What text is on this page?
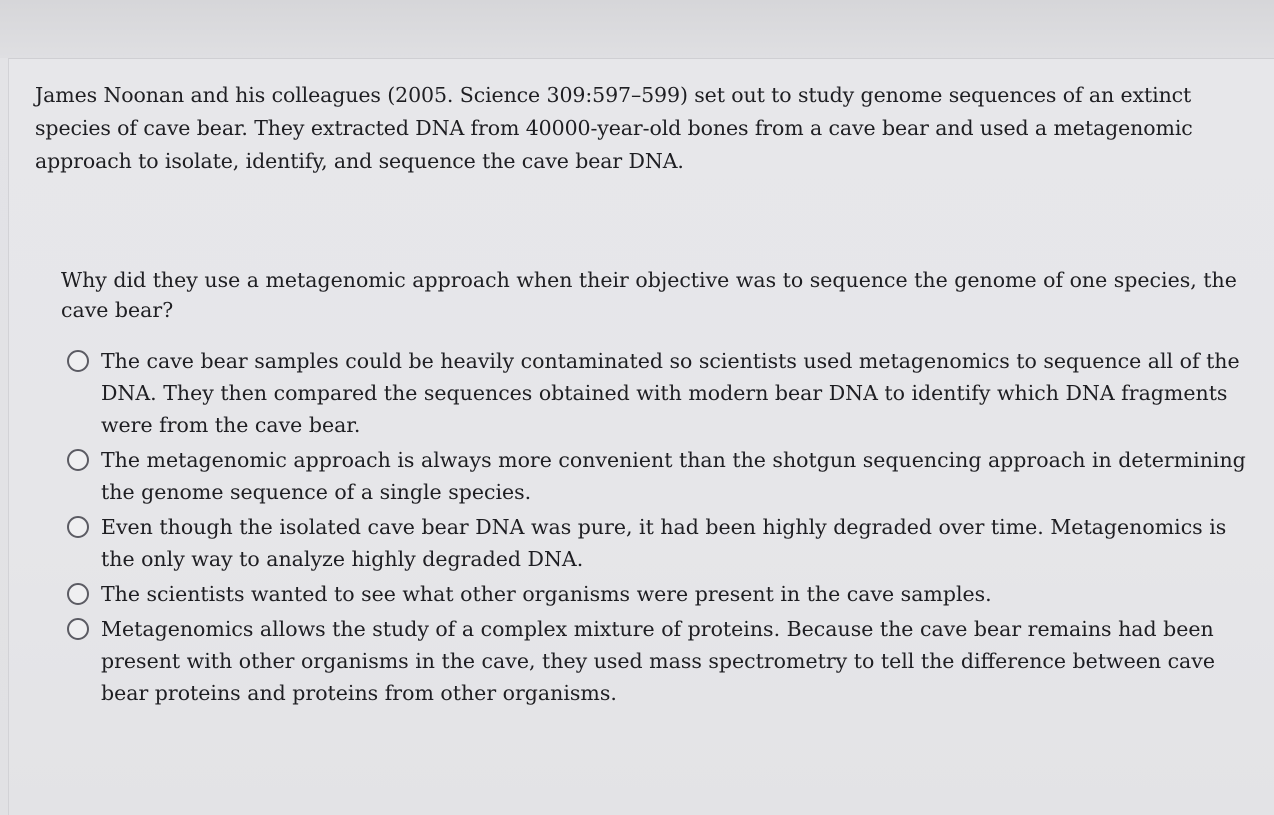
James Noonan and his colleagues (2005. Science 309:597–599) set out to study genome sequences of an extinct species of cave bear. They extracted DNA from 40000-year-old bones from a cave bear and used a metagenomic approach to isolate, identify, and sequence the cave bear DNA.

Why did they use a metagenomic approach when their objective was to sequence the genome of one species, the cave bear?

The cave bear samples could be heavily contaminated so scientists used metagenomics to sequence all of the DNA. They then compared the sequences obtained with modern bear DNA to identify which DNA fragments were from the cave bear.
The metagenomic approach is always more convenient than the shotgun sequencing approach in determining the genome sequence of a single species.
Even though the isolated cave bear DNA was pure, it had been highly degraded over time. Metagenomics is the only way to analyze highly degraded DNA.
The scientists wanted to see what other organisms were present in the cave samples.
Metagenomics allows the study of a complex mixture of proteins. Because the cave bear remains had been present with other organisms in the cave, they used mass spectrometry to tell the difference between cave bear proteins and proteins from other organisms.
